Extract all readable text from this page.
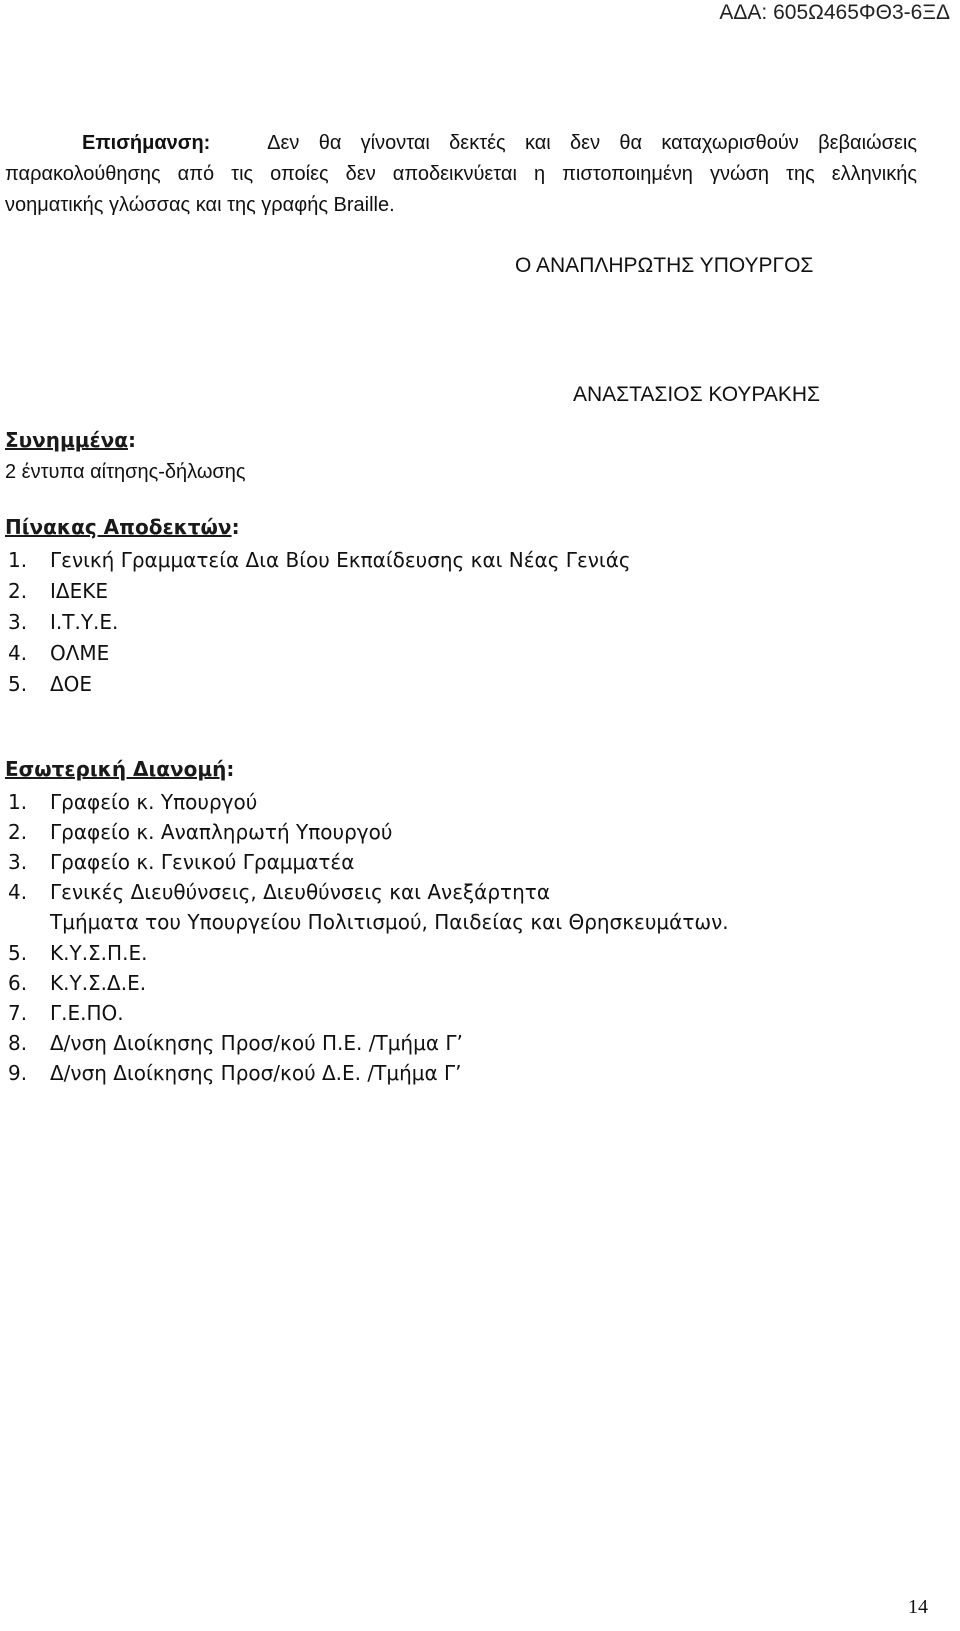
ΑΔΑ: 605Ω465ΦΘ3-6ΞΔ
Επισήμανση:	Δεν θα γίνονται δεκτές και δεν θα καταχωρισθούν βεβαιώσεις
παρακολούθησης από τις οποίες δεν αποδεικνύεται η πιστοποιημένη γνώση της ελληνικής
νοηματικής γλώσσας και της γραφής Braille.
Ο ΑΝΑΠΛΗΡΩΤΗΣ ΥΠΟΥΡΓΟΣ
ΑΝΑΣΤΑΣΙΟΣ ΚΟΥΡΑΚΗΣ
Συνημμένα:
2 έντυπα αίτησης-δήλωσης
Πίνακας Αποδεκτών:
1. Γενική Γραμματεία Δια Βίου Εκπαίδευσης και Νέας Γενιάς
2. ΙΔΕΚΕ
3. Ι.Τ.Υ.Ε.
4. ΟΛΜΕ
5. ΔΟΕ
Εσωτερική Διανομή:
1. Γραφείο κ. Υπουργού
2. Γραφείο κ. Αναπληρωτή Υπουργού
3. Γραφείο κ. Γενικού Γραμματέα
4. Γενικές Διευθύνσεις, Διευθύνσεις και Ανεξάρτητα
Τμήματα του Υπουργείου Πολιτισμού, Παιδείας και Θρησκευμάτων.
5. Κ.Υ.Σ.Π.Ε.
6. Κ.Υ.Σ.Δ.Ε.
7. Γ.Ε.ΠΟ.
8. Δ/νση Διοίκησης Προσ/κού Π.Ε. /Τμήμα Γ’
9. Δ/νση Διοίκησης Προσ/κού Δ.Ε. /Τμήμα Γ’
14
